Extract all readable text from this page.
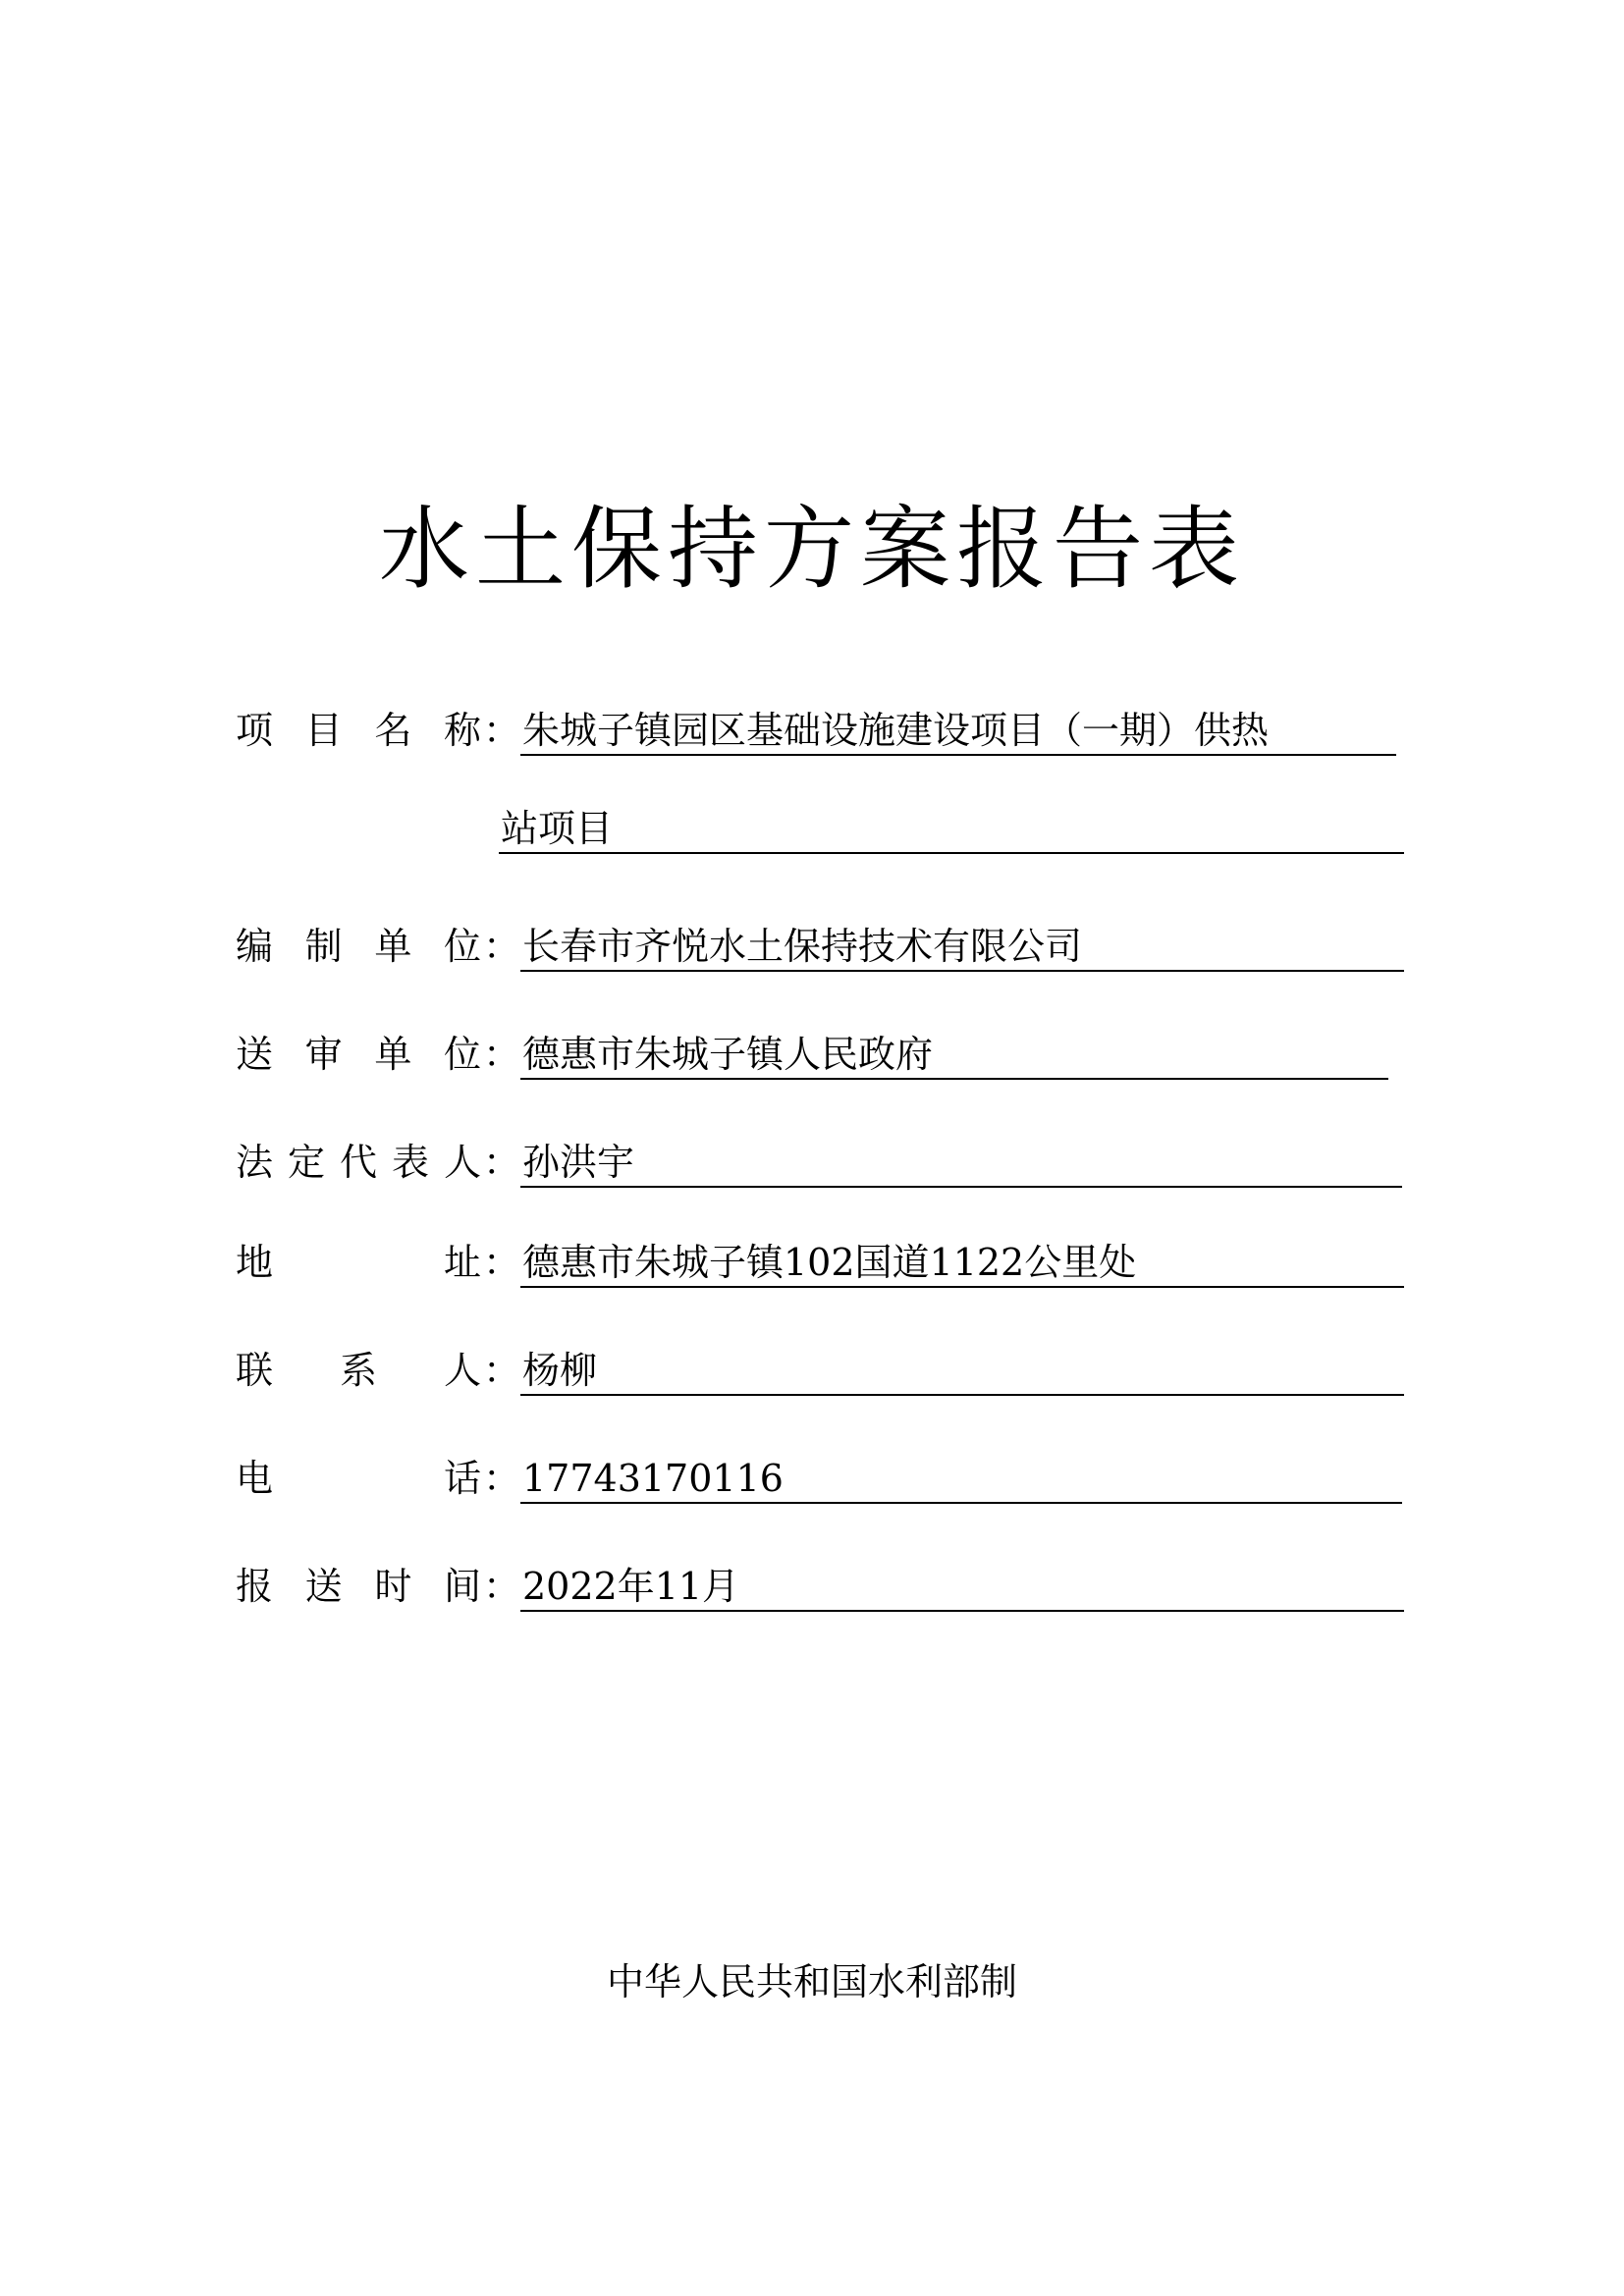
水土保持方案报告表
项 目 名 称 ： 朱城子镇园区基础设施建设项目（一期）供热
站项目
编 制 单 位 ： 长春市齐悦水土保持技术有限公司
送 审 单 位 ： 德惠市朱城子镇人民政府
法 定 代 表 人 ： 孙洪宇
地	址 ： 德惠市朱城子镇102国道1122公里处
联 系 人 ： 杨柳
电	话 ： 17743170116
报 送 时 间 ： 2022年11月
中华人民共和国水利部制
